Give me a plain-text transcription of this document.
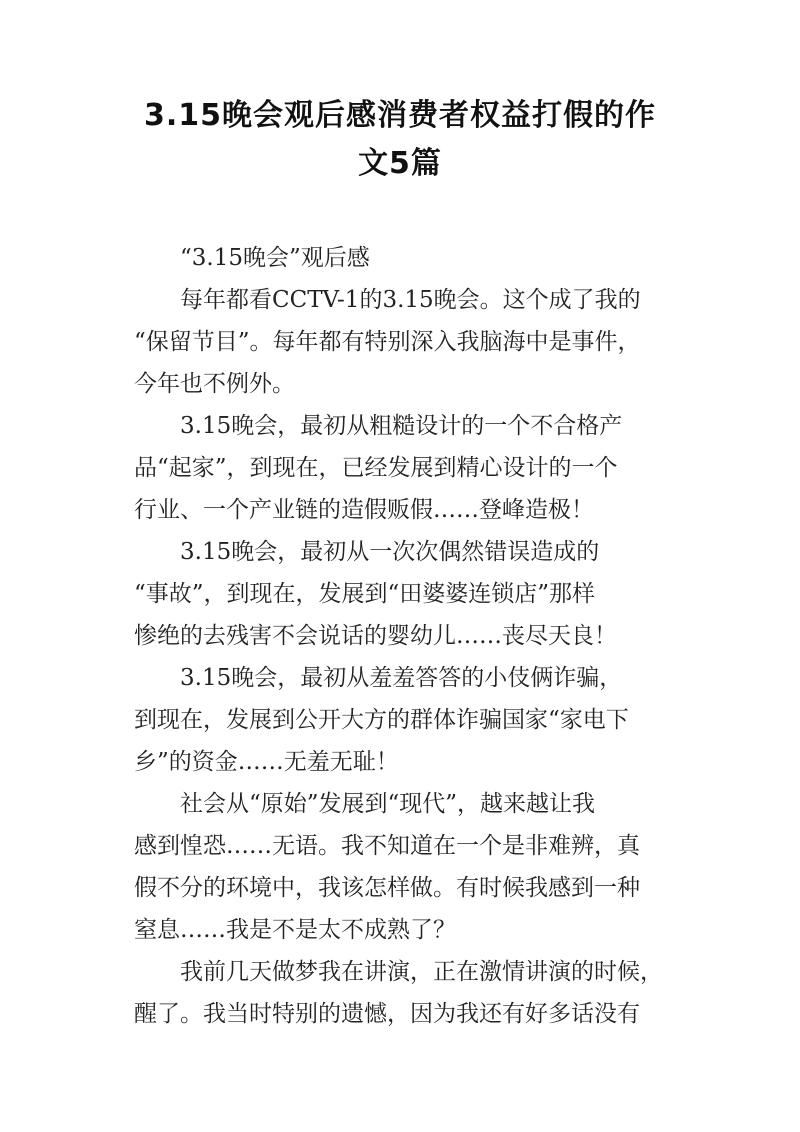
3.15晚会观后感消费者权益打假的作
文5篇

“3.15晚会”观后感

每年都看CCTV-1的3.15晚会。这个成了我的
“保留节目”。每年都有特别深入我脑海中是事件，
今年也不例外。

3.15晚会，最初从粗糙设计的一个不合格产
品“起家”，到现在，已经发展到精心设计的一个
行业、一个产业链的造假贩假……登峰造极！

3.15晚会，最初从一次次偶然错误造成的
“事故”，到现在，发展到“田婆婆连锁店”那样
惨绝的去残害不会说话的婴幼儿……丧尽天良！

3.15晚会，最初从羞羞答答的小伎俩诈骗，
到现在，发展到公开大方的群体诈骗国家“家电下
乡”的资金……无羞无耻！

社会从“原始”发展到“现代”，越来越让我
感到惶恐……无语。我不知道在一个是非难辨，真
假不分的环境中，我该怎样做。有时候我感到一种
窒息……我是不是太不成熟了？

我前几天做梦我在讲演，正在激情讲演的时候，
醒了。我当时特别的遗憾，因为我还有好多话没有
